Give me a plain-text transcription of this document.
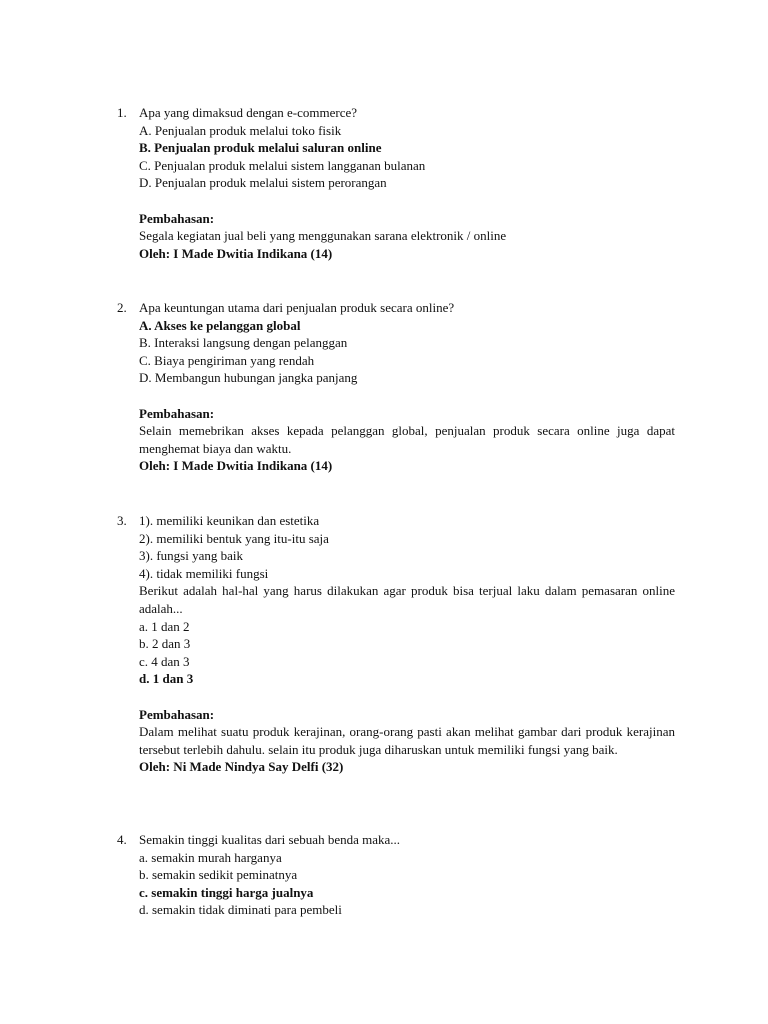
1. Apa yang dimaksud dengan e-commerce?
A. Penjualan produk melalui toko fisik
B. Penjualan produk melalui saluran online
C. Penjualan produk melalui sistem langganan bulanan
D. Penjualan produk melalui sistem perorangan
Pembahasan:
Segala kegiatan jual beli yang menggunakan sarana elektronik / online
Oleh: I Made Dwitia Indikana (14)
2. Apa keuntungan utama dari penjualan produk secara online?
A. Akses ke pelanggan global
B. Interaksi langsung dengan pelanggan
C. Biaya pengiriman yang rendah
D. Membangun hubungan jangka panjang
Pembahasan:
Selain memebrikan akses kepada pelanggan global, penjualan produk secara online juga dapat menghemat biaya dan waktu.
Oleh: I Made Dwitia Indikana (14)
3. 1). memiliki keunikan dan estetika
2). memiliki bentuk yang itu-itu saja
3). fungsi yang baik
4). tidak memiliki fungsi
Berikut adalah hal-hal yang harus dilakukan agar produk bisa terjual laku dalam pemasaran online adalah...
a. 1 dan 2
b. 2 dan 3
c. 4 dan 3
d. 1 dan 3
Pembahasan:
Dalam melihat suatu produk kerajinan, orang-orang pasti akan melihat gambar dari produk kerajinan tersebut terlebih dahulu. selain itu produk juga diharuskan untuk memiliki fungsi yang baik.
Oleh: Ni Made Nindya Say Delfi (32)
4. Semakin tinggi kualitas dari sebuah benda maka...
a. semakin murah harganya
b. semakin sedikit peminatnya
c. semakin tinggi harga jualnya
d. semakin tidak diminati para pembeli
